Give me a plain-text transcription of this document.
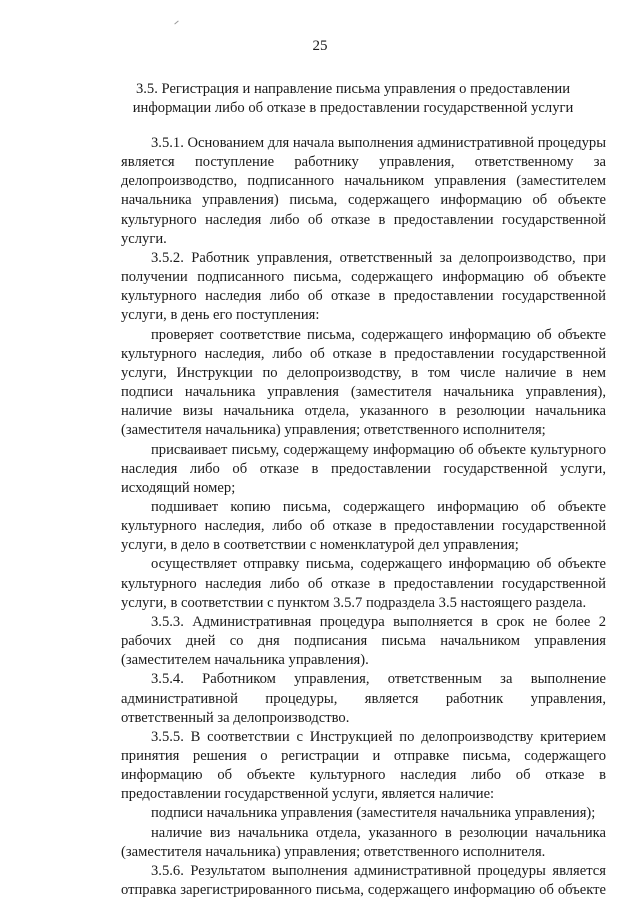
25
3.5. Регистрация и направление письма управления о предоставлении информации либо об отказе в предоставлении государственной услуги

3.5.1. Основанием для начала выполнения административной процедуры является поступление работнику управления, ответственному за делопроизводство, подписанного начальником управления (заместителем начальника управления) письма, содержащего информацию об объекте культурного наследия либо об отказе в предоставлении государственной услуги.

3.5.2. Работник управления, ответственный за делопроизводство, при получении подписанного письма, содержащего информацию об объекте культурного наследия либо об отказе в предоставлении государственной услуги, в день его поступления:

проверяет соответствие письма, содержащего информацию об объекте культурного наследия, либо об отказе в предоставлении государственной услуги, Инструкции по делопроизводству, в том числе наличие в нем подписи начальника управления (заместителя начальника управления), наличие визы начальника отдела, указанного в резолюции начальника (заместителя начальника) управления; ответственного исполнителя;

присваивает письму, содержащему информацию об объекте культурного наследия либо об отказе в предоставлении государственной услуги, исходящий номер;

подшивает копию письма, содержащего информацию об объекте культурного наследия, либо об отказе в предоставлении государственной услуги, в дело в соответствии с номенклатурой дел управления;

осуществляет отправку письма, содержащего информацию об объекте культурного наследия либо об отказе в предоставлении государственной услуги, в соответствии с пунктом 3.5.7 подраздела 3.5 настоящего раздела.

3.5.3. Административная процедура выполняется в срок не более 2 рабочих дней со дня подписания письма начальником управления (заместителем начальника управления).

3.5.4. Работником управления, ответственным за выполнение административной процедуры, является работник управления, ответственный за делопроизводство.

3.5.5. В соответствии с Инструкцией по делопроизводству критерием принятия решения о регистрации и отправке письма, содержащего информацию об объекте культурного наследия либо об отказе в предоставлении государственной услуги, является наличие:

подписи начальника управления (заместителя начальника управления);

наличие виз начальника отдела, указанного в резолюции начальника (заместителя начальника) управления; ответственного исполнителя.

3.5.6. Результатом выполнения административной процедуры является отправка зарегистрированного письма, содержащего информацию об объекте
